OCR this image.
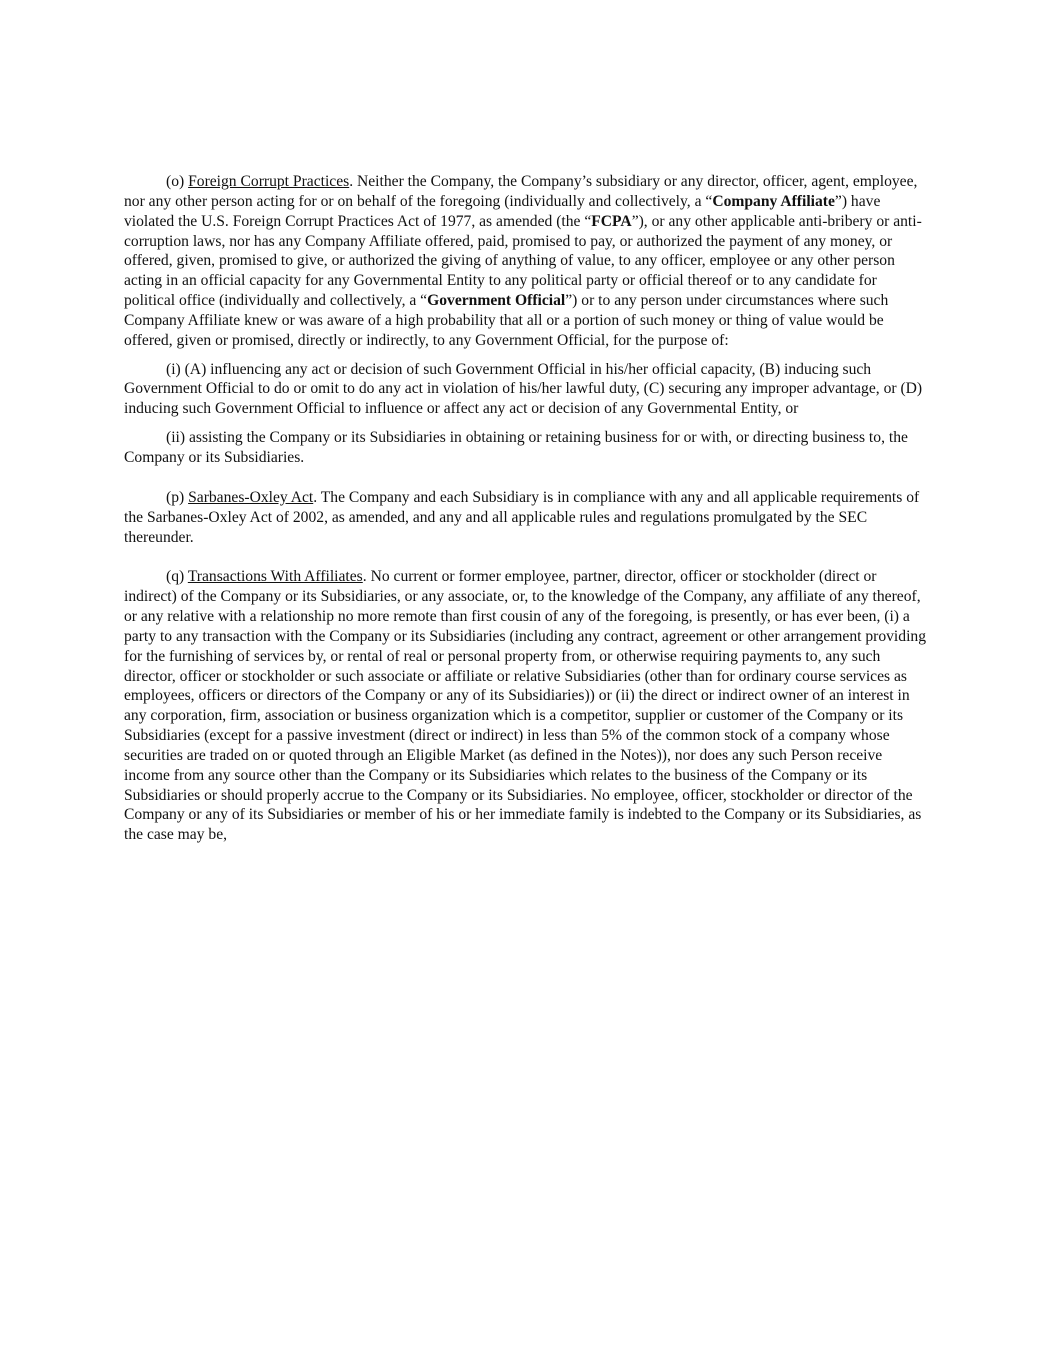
(o) Foreign Corrupt Practices. Neither the Company, the Company’s subsidiary or any director, officer, agent, employee, nor any other person acting for or on behalf of the foregoing (individually and collectively, a “Company Affiliate”) have violated the U.S. Foreign Corrupt Practices Act of 1977, as amended (the “FCPA”), or any other applicable anti-bribery or anti-corruption laws, nor has any Company Affiliate offered, paid, promised to pay, or authorized the payment of any money, or offered, given, promised to give, or authorized the giving of anything of value, to any officer, employee or any other person acting in an official capacity for any Governmental Entity to any political party or official thereof or to any candidate for political office (individually and collectively, a “Government Official”) or to any person under circumstances where such Company Affiliate knew or was aware of a high probability that all or a portion of such money or thing of value would be offered, given or promised, directly or indirectly, to any Government Official, for the purpose of:

(i) (A) influencing any act or decision of such Government Official in his/her official capacity, (B) inducing such Government Official to do or omit to do any act in violation of his/her lawful duty, (C) securing any improper advantage, or (D) inducing such Government Official to influence or affect any act or decision of any Governmental Entity, or

(ii) assisting the Company or its Subsidiaries in obtaining or retaining business for or with, or directing business to, the Company or its Subsidiaries.

(p) Sarbanes-Oxley Act. The Company and each Subsidiary is in compliance with any and all applicable requirements of the Sarbanes-Oxley Act of 2002, as amended, and any and all applicable rules and regulations promulgated by the SEC thereunder.

(q) Transactions With Affiliates. No current or former employee, partner, director, officer or stockholder (direct or indirect) of the Company or its Subsidiaries, or any associate, or, to the knowledge of the Company, any affiliate of any thereof, or any relative with a relationship no more remote than first cousin of any of the foregoing, is presently, or has ever been, (i) a party to any transaction with the Company or its Subsidiaries (including any contract, agreement or other arrangement providing for the furnishing of services by, or rental of real or personal property from, or otherwise requiring payments to, any such director, officer or stockholder or such associate or affiliate or relative Subsidiaries (other than for ordinary course services as employees, officers or directors of the Company or any of its Subsidiaries)) or (ii) the direct or indirect owner of an interest in any corporation, firm, association or business organization which is a competitor, supplier or customer of the Company or its Subsidiaries (except for a passive investment (direct or indirect) in less than 5% of the common stock of a company whose securities are traded on or quoted through an Eligible Market (as defined in the Notes)), nor does any such Person receive income from any source other than the Company or its Subsidiaries which relates to the business of the Company or its Subsidiaries or should properly accrue to the Company or its Subsidiaries. No employee, officer, stockholder or director of the Company or any of its Subsidiaries or member of his or her immediate family is indebted to the Company or its Subsidiaries, as the case may be,
